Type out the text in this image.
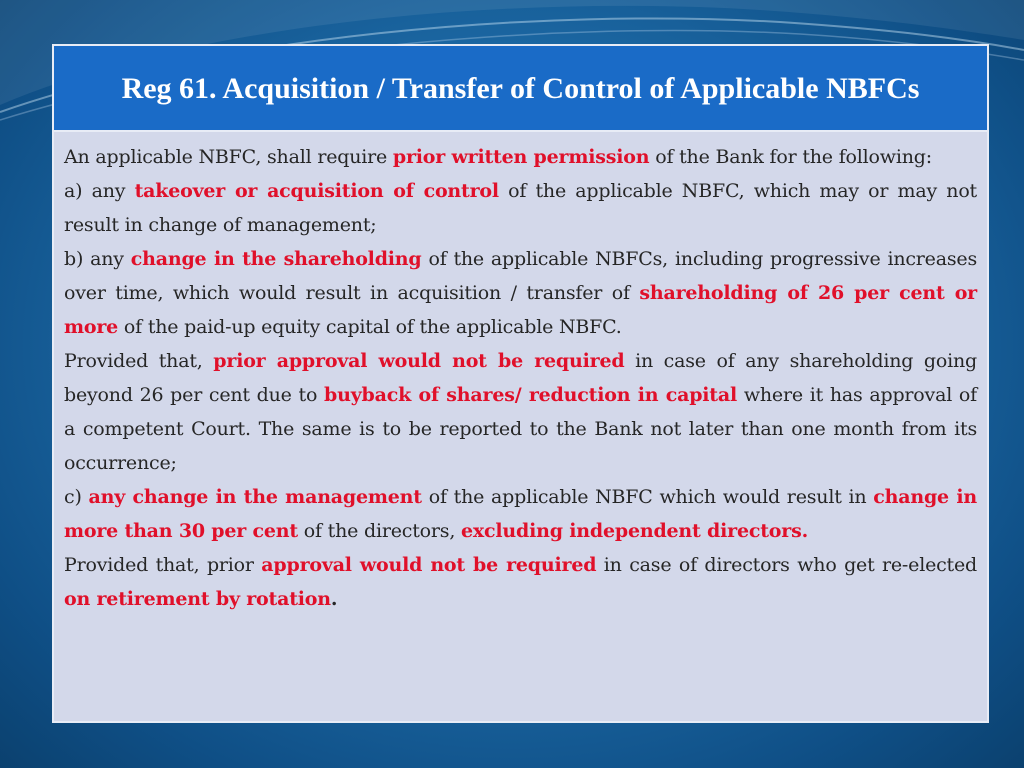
Reg 61. Acquisition / Transfer of Control of Applicable NBFCs

An applicable NBFC, shall require prior written permission of the Bank for the following:

a) any takeover or acquisition of control of the applicable NBFC, which may or may not result in change of management;

b) any change in the shareholding of the applicable NBFCs, including progressive increases over time, which would result in acquisition / transfer of shareholding of 26 per cent or more of the paid-up equity capital of the applicable NBFC.

Provided that, prior approval would not be required in case of any shareholding going beyond 26 per cent due to buyback of shares/ reduction in capital where it has approval of a competent Court. The same is to be reported to the Bank not later than one month from its occurrence;

c) any change in the management of the applicable NBFC which would result in change in more than 30 per cent of the directors, excluding independent directors.

Provided that, prior approval would not be required in case of directors who get re-elected on retirement by rotation.
